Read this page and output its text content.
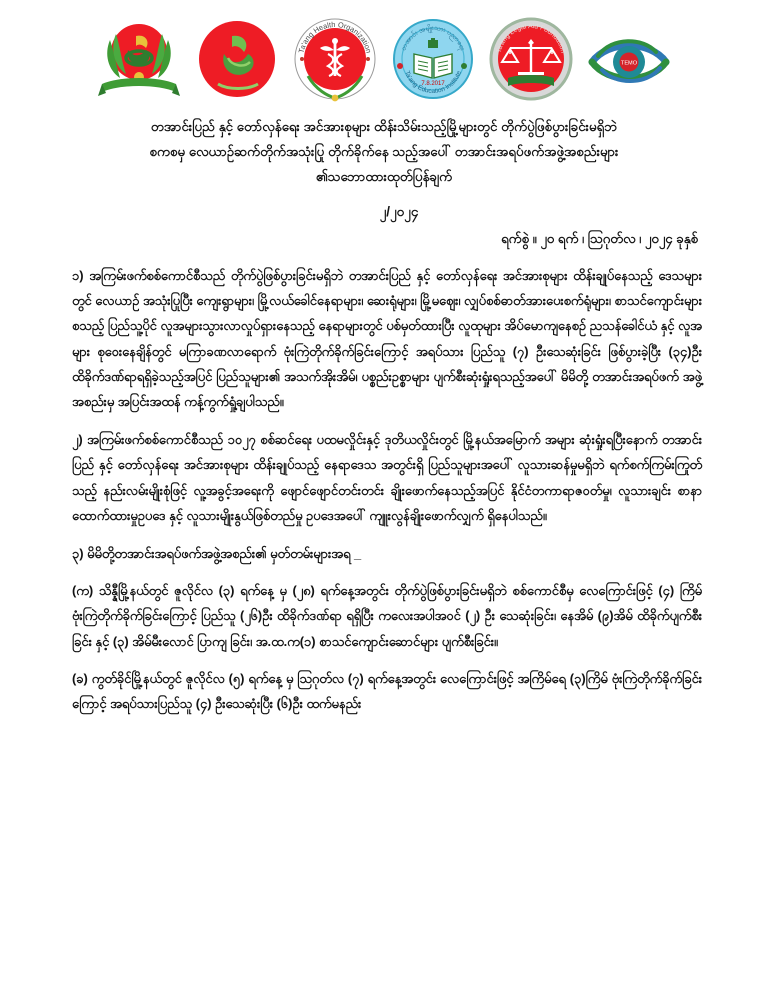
Ta'ang Health Organization	တအာင်း အမျိုးသား ပညာရေး
Ta'ang Education Institute
7.8.2017
Ta'ang Legal Aid Foundation
TEMO
တအာင်းပြည် နှင့် တော်လှန်ရေး အင်အားစုများ ထိန်းသိမ်းသည့်မြို့များတွင် တိုက်ပွဲဖြစ်ပွားခြင်းမရှိဘဲ
စကစမှ လေယာဉ်ဆက်တိုက်အသုံးပြု တိုက်ခိုက်နေ သည့်အပေါ် တအာင်းအရပ်ဖက်အဖွဲ့အစည်းများ
၏သဘောထားထုတ်ပြန်ချက်
၂/၂၀၂၄
ရက်စွဲ ။ ၂၀ ရက် ၊ သြဂုတ်လ ၊ ၂၀၂၄ ခုနှစ်

၁) အကြမ်းဖက်စစ်ကောင်စီသည် တိုက်ပွဲဖြစ်ပွားခြင်းမရှိဘဲ တအာင်းပြည် နှင့် တော်လှန်ရေး အင်အားစုများ ထိန်းချုပ်နေသည့် ဒေသများတွင် လေယာဉ် အသုံးပြုပြီး ကျေးရွာများ၊ မြို့လယ်ခေါင်နေရာများ၊ ဆေးရုံများ၊ မြို့မဈေး၊ လျှပ်စစ်ဓာတ်အားပေးစက်ရုံများ၊ စာသင်ကျောင်းများ စသည့် ပြည်သူ့ပိုင် လူအများသွားလာလှုပ်ရှားနေသည့် နေရာများတွင် ပစ်မှတ်ထားပြီး လူထုများ အိပ်မောကျနေစဉ် ညသန်ခေါင်ယံ နှင့် လူအများ စုဝေးနေချိန်တွင် မကြာခဏလာရောက် ဗုံးကြဲတိုက်ခိုက်ခြင်းကြောင့် အရပ်သား ပြည်သူ (၇) ဦးသေဆုံးခြင်း ဖြစ်ပွားခဲ့ပြီး (၃၄)ဦး ထိခိုက်ဒဏ်ရာရရှိခဲ့သည့်အပြင် ပြည်သူများ၏ အသက်အိုးအိမ်၊ ပစ္စည်းဥစ္စာများ ပျက်စီးဆုံးရှုံးရသည့်အပေါ် မိမိတို့ တအာင်းအရပ်ဖက် အဖွဲ့အစည်းမှ အပြင်းအထန် ကန့်ကွက်ရှုံ့ချပါသည်။

၂) အကြမ်းဖက်စစ်ကောင်စီသည် ၁၀၂၇ စစ်ဆင်ရေး ပထမလှိုင်းနှင့် ဒုတိယလှိုင်းတွင် မြို့နယ်အမြောက် အများ ဆုံးရှုံးရပြီးနောက် တအာင်းပြည် နှင့် တော်လှန်ရေး အင်အားစုများ ထိန်းချုပ်သည့် နေရာဒေသ အတွင်းရှိ ပြည်သူများအပေါ် လူသားဆန်မှုမရှိဘဲ ရက်စက်ကြမ်းကြုတ်သည့် နည်းလမ်းမျိုးစုံဖြင့် လူ့အခွင့်အရေးကို ဖျောင်ဖျောင်တင်းတင်း ချိုးဖောက်နေသည့်အပြင် နိုင်ငံတကာရာဇဝတ်မှု၊ လူသားချင်း စာနာထောက်ထားမှုဥပဒေ နှင့် လူသားမျိုးနွယ်ဖြစ်တည်မှု ဥပဒေအပေါ် ကျူးလွန်ချိုးဖောက်လျှက် ရှိနေပါသည်။

၃) မိမိတို့တအာင်းအရပ်ဖက်အဖွဲ့အစည်း၏ မှတ်တမ်းများအရ _

(က) သိန္နီမြို့နယ်တွင် ဇူလိုင်လ (၃) ရက်နေ့ မှ (၂၈) ရက်နေ့အတွင်း တိုက်ပွဲဖြစ်ပွားခြင်းမရှိဘဲ စစ်ကောင်စီမှ လေကြောင်းဖြင့် (၄) ကြိမ် ဗုံးကြဲတိုက်ခိုက်ခြင်းကြောင့် ပြည်သူ (၂၆)ဦး ထိခိုက်ဒဏ်ရာ ရရှိပြီး ကလေးအပါအဝင် (၂) ဦး သေဆုံးခြင်း၊ နေအိမ် (၉)အိမ် ထိခိုက်ပျက်စီးခြင်း နှင့် (၃) အိမ်မီးလောင် ပြာကျ ခြင်း၊ အ.ထ.က(၁) စာသင်ကျောင်းဆောင်များ ပျက်စီးခြင်း။

(ခ) ကွတ်ခိုင်မြို့နယ်တွင် ဇူလိုင်လ (၅) ရက်နေ့ မှ သြဂုတ်လ (၇) ရက်နေ့အတွင်း လေကြောင်းဖြင့် အကြိမ်ရေ (၃)ကြိမ် ဗုံးကြဲတိုက်ခိုက်ခြင်းကြောင့် အရပ်သားပြည်သူ (၄) ဦးသေဆုံးပြီး (၆)ဦး ထက်မနည်း
